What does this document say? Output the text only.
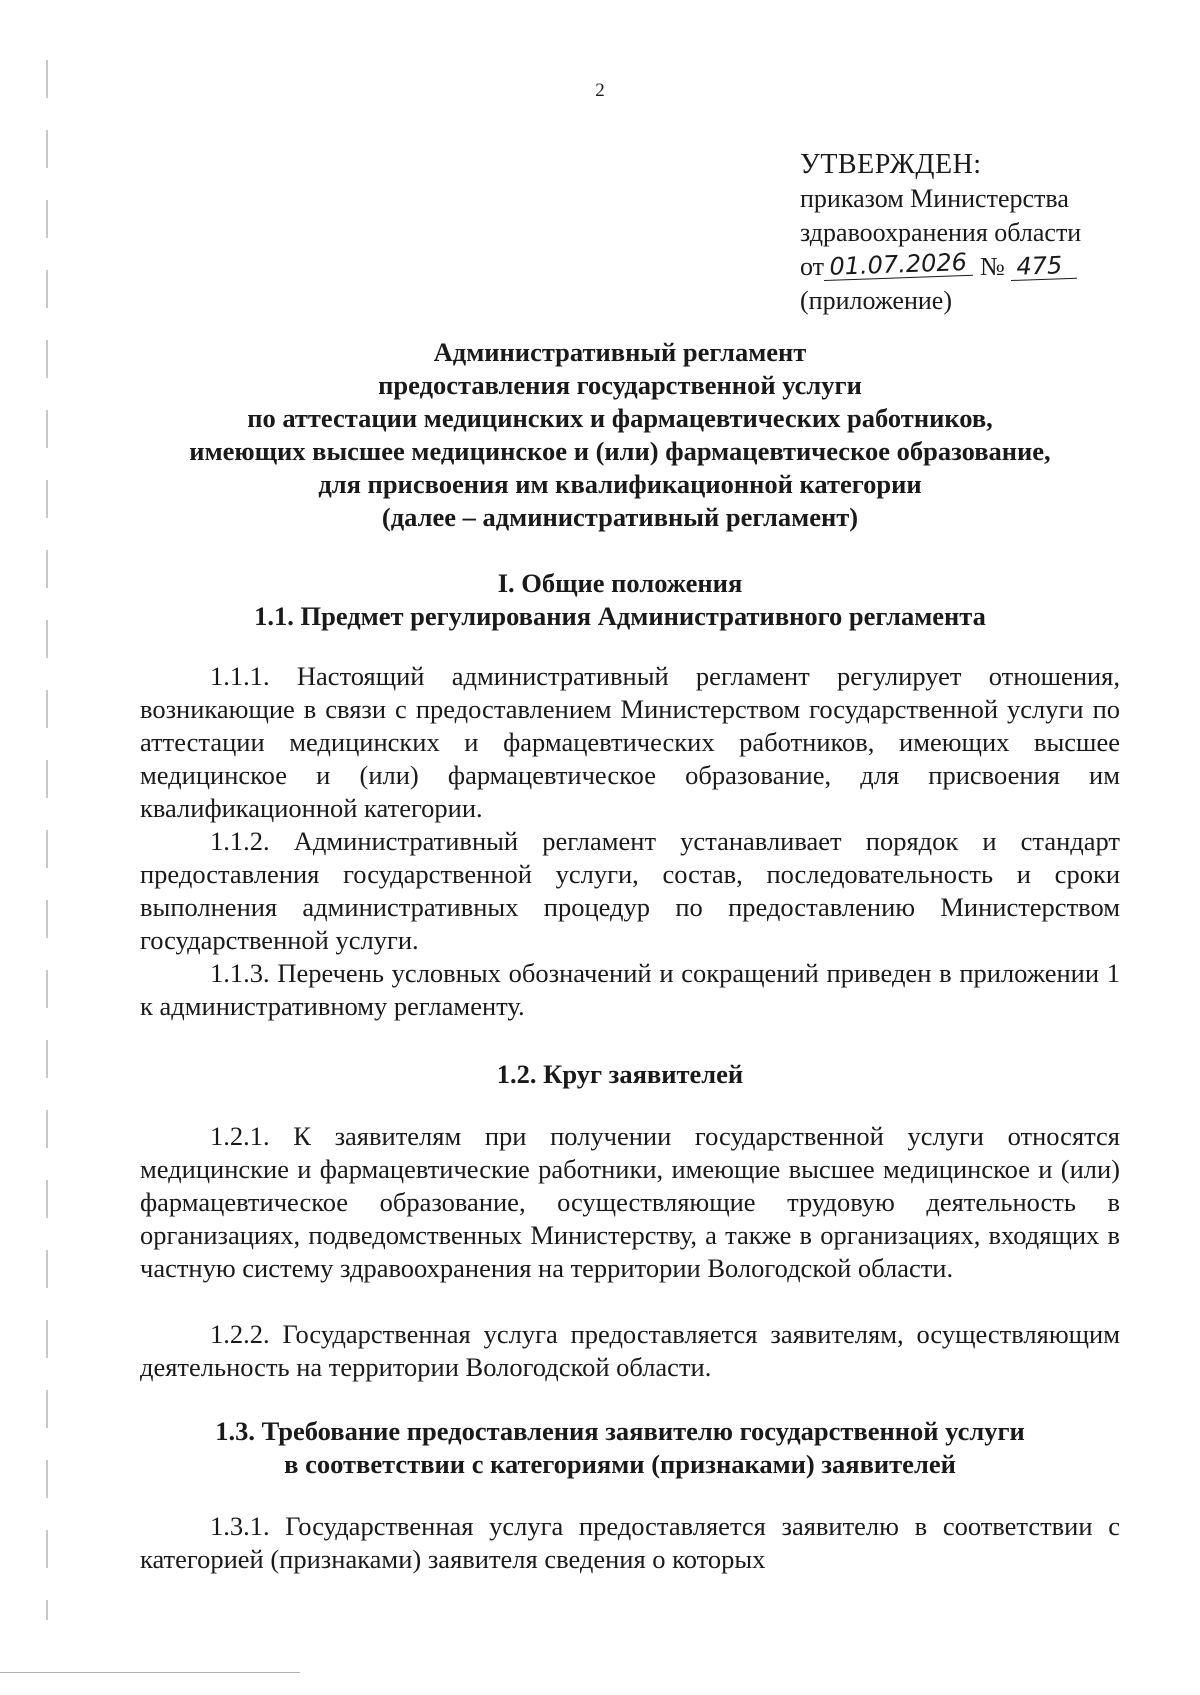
2
УТВЕРЖДЕН:
приказом Министерства
здравоохранения области
от 01.07.2026 № 475
(приложение)
Административный регламент
предоставления государственной услуги
по аттестации медицинских и фармацевтических работников,
имеющих высшее медицинское и (или) фармацевтическое образование,
для присвоения им квалификационной категории
(далее – административный регламент)
I. Общие положения
1.1. Предмет регулирования Административного регламента
1.1.1. Настоящий административный регламент регулирует отношения, возникающие в связи с предоставлением Министерством государственной услуги по аттестации медицинских и фармацевтических работников, имеющих высшее медицинское и (или) фармацевтическое образование, для присвоения им квалификационной категории.
1.1.2. Административный регламент устанавливает порядок и стандарт предоставления государственной услуги, состав, последовательность и сроки выполнения административных процедур по предоставлению Министерством государственной услуги.
1.1.3. Перечень условных обозначений и сокращений приведен в приложении 1 к административному регламенту.
1.2. Круг заявителей
1.2.1. К заявителям при получении государственной услуги относятся медицинские и фармацевтические работники, имеющие высшее медицинское и (или) фармацевтическое образование, осуществляющие трудовую деятельность в организациях, подведомственных Министерству, а также в организациях, входящих в частную систему здравоохранения на территории Вологодской области.
1.2.2. Государственная услуга предоставляется заявителям, осуществляющим деятельность на территории Вологодской области.
1.3. Требование предоставления заявителю государственной услуги
в соответствии с категориями (признаками) заявителей
1.3.1. Государственная услуга предоставляется заявителю в соответствии с категорией (признаками) заявителя сведения о которых
